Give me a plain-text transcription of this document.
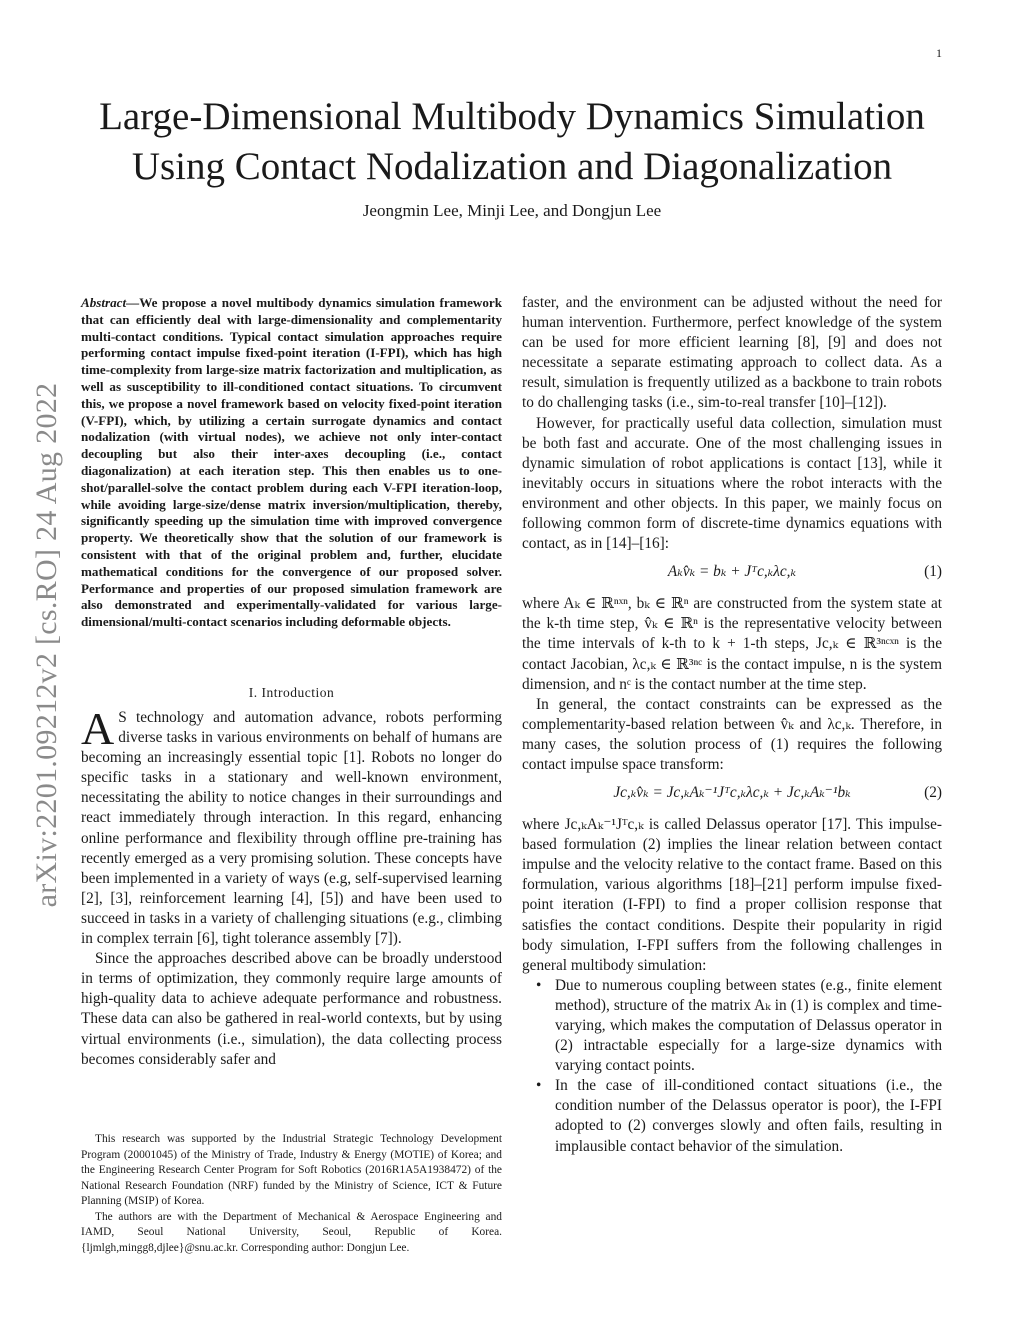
1
arXiv:2201.09212v2 [cs.RO] 24 Aug 2022
Large-Dimensional Multibody Dynamics Simulation
Using Contact Nodalization and Diagonalization
Jeongmin Lee, Minji Lee, and Dongjun Lee

Abstract—We propose a novel multibody dynamics simulation framework that can efficiently deal with large-dimensionality and complementarity multi-contact conditions. Typical contact simulation approaches require performing contact impulse fixed-point iteration (I-FPI), which has high time-complexity from large-size matrix factorization and multiplication, as well as susceptibility to ill-conditioned contact situations. To circumvent this, we propose a novel framework based on velocity fixed-point iteration (V-FPI), which, by utilizing a certain surrogate dynamics and contact nodalization (with virtual nodes), we achieve not only inter-contact decoupling but also their inter-axes decoupling (i.e., contact diagonalization) at each iteration step. This then enables us to one-shot/parallel-solve the contact problem during each V-FPI iteration-loop, while avoiding large-size/dense matrix inversion/multiplication, thereby, significantly speeding up the simulation time with improved convergence property. We theoretically show that the solution of our framework is consistent with that of the original problem and, further, elucidate mathematical conditions for the convergence of our proposed solver. Performance and properties of our proposed simulation framework are also demonstrated and experimentally-validated for various large-dimensional/multi-contact scenarios including deformable objects.

I. Introduction

A S technology and automation advance, robots performing diverse tasks in various environments on behalf of humans are becoming an increasingly essential topic [1]. Robots no longer do specific tasks in a stationary and well-known environment, necessitating the ability to notice changes in their surroundings and react immediately through interaction. In this regard, enhancing online performance and flexibility through offline pre-training has recently emerged as a very promising solution. These concepts have been implemented in a variety of ways (e.g, self-supervised learning [2], [3], reinforcement learning [4], [5]) and have been used to succeed in tasks in a variety of challenging situations (e.g., climbing in complex terrain [6], tight tolerance assembly [7]).

Since the approaches described above can be broadly understood in terms of optimization, they commonly require large amounts of high-quality data to achieve adequate performance and robustness. These data can also be gathered in real-world contexts, but by using virtual environments (i.e., simulation), the data collecting process becomes considerably safer and

This research was supported by the Industrial Strategic Technology Development Program (20001045) of the Ministry of Trade, Industry & Energy (MOTIE) of Korea; and the Engineering Research Center Program for Soft Robotics (2016R1A5A1938472) of the National Research Foundation (NRF) funded by the Ministry of Science, ICT & Future Planning (MSIP) of Korea.

The authors are with the Department of Mechanical & Aerospace Engineering and IAMD, Seoul National University, Seoul, Republic of Korea. {ljmlgh,mingg8,djlee}@snu.ac.kr. Corresponding author: Dongjun Lee.

faster, and the environment can be adjusted without the need for human intervention. Furthermore, perfect knowledge of the system can be used for more efficient learning [8], [9] and does not necessitate a separate estimating approach to collect data. As a result, simulation is frequently utilized as a backbone to train robots to do challenging tasks (i.e., sim-to-real transfer [10]–[12]).

However, for practically useful data collection, simulation must be both fast and accurate. One of the most challenging issues in dynamic simulation of robot applications is contact [13], while it inevitably occurs in situations where the robot interacts with the environment and other objects. In this paper, we mainly focus on following common form of discrete-time dynamics equations with contact, as in [14]–[16]:

Aₖv̂ₖ = bₖ + Jᵀc,ₖλc,ₖ	(1)

where Aₖ ∈ ℝⁿˣⁿ, bₖ ∈ ℝⁿ are constructed from the system state at the k-th time step, v̂ₖ ∈ ℝⁿ is the representative velocity between the time intervals of k-th to k + 1-th steps, Jc,ₖ ∈ ℝ³ⁿᶜˣⁿ is the contact Jacobian, λc,ₖ ∈ ℝ³ⁿᶜ is the contact impulse, n is the system dimension, and nᶜ is the contact number at the time step.

In general, the contact constraints can be expressed as the complementarity-based relation between v̂ₖ and λc,ₖ. Therefore, in many cases, the solution process of (1) requires the following contact impulse space transform:

Jc,ₖv̂ₖ = Jc,ₖAₖ⁻¹Jᵀc,ₖλc,ₖ + Jc,ₖAₖ⁻¹bₖ	(2)

where Jc,ₖAₖ⁻¹Jᵀc,ₖ is called Delassus operator [17]. This impulse-based formulation (2) implies the linear relation between contact impulse and the velocity relative to the contact frame. Based on this formulation, various algorithms [18]–[21] perform impulse fixed-point iteration (I-FPI) to find a proper collision response that satisfies the contact conditions. Despite their popularity in rigid body simulation, I-FPI suffers from the following challenges in general multibody simulation:

• Due to numerous coupling between states (e.g., finite element method), structure of the matrix Aₖ in (1) is complex and time-varying, which makes the computation of Delassus operator in (2) intractable especially for a large-size dynamics with varying contact points.
• In the case of ill-conditioned contact situations (i.e., the condition number of the Delassus operator is poor), the I-FPI adopted to (2) converges slowly and often fails, resulting in implausible contact behavior of the simulation.
